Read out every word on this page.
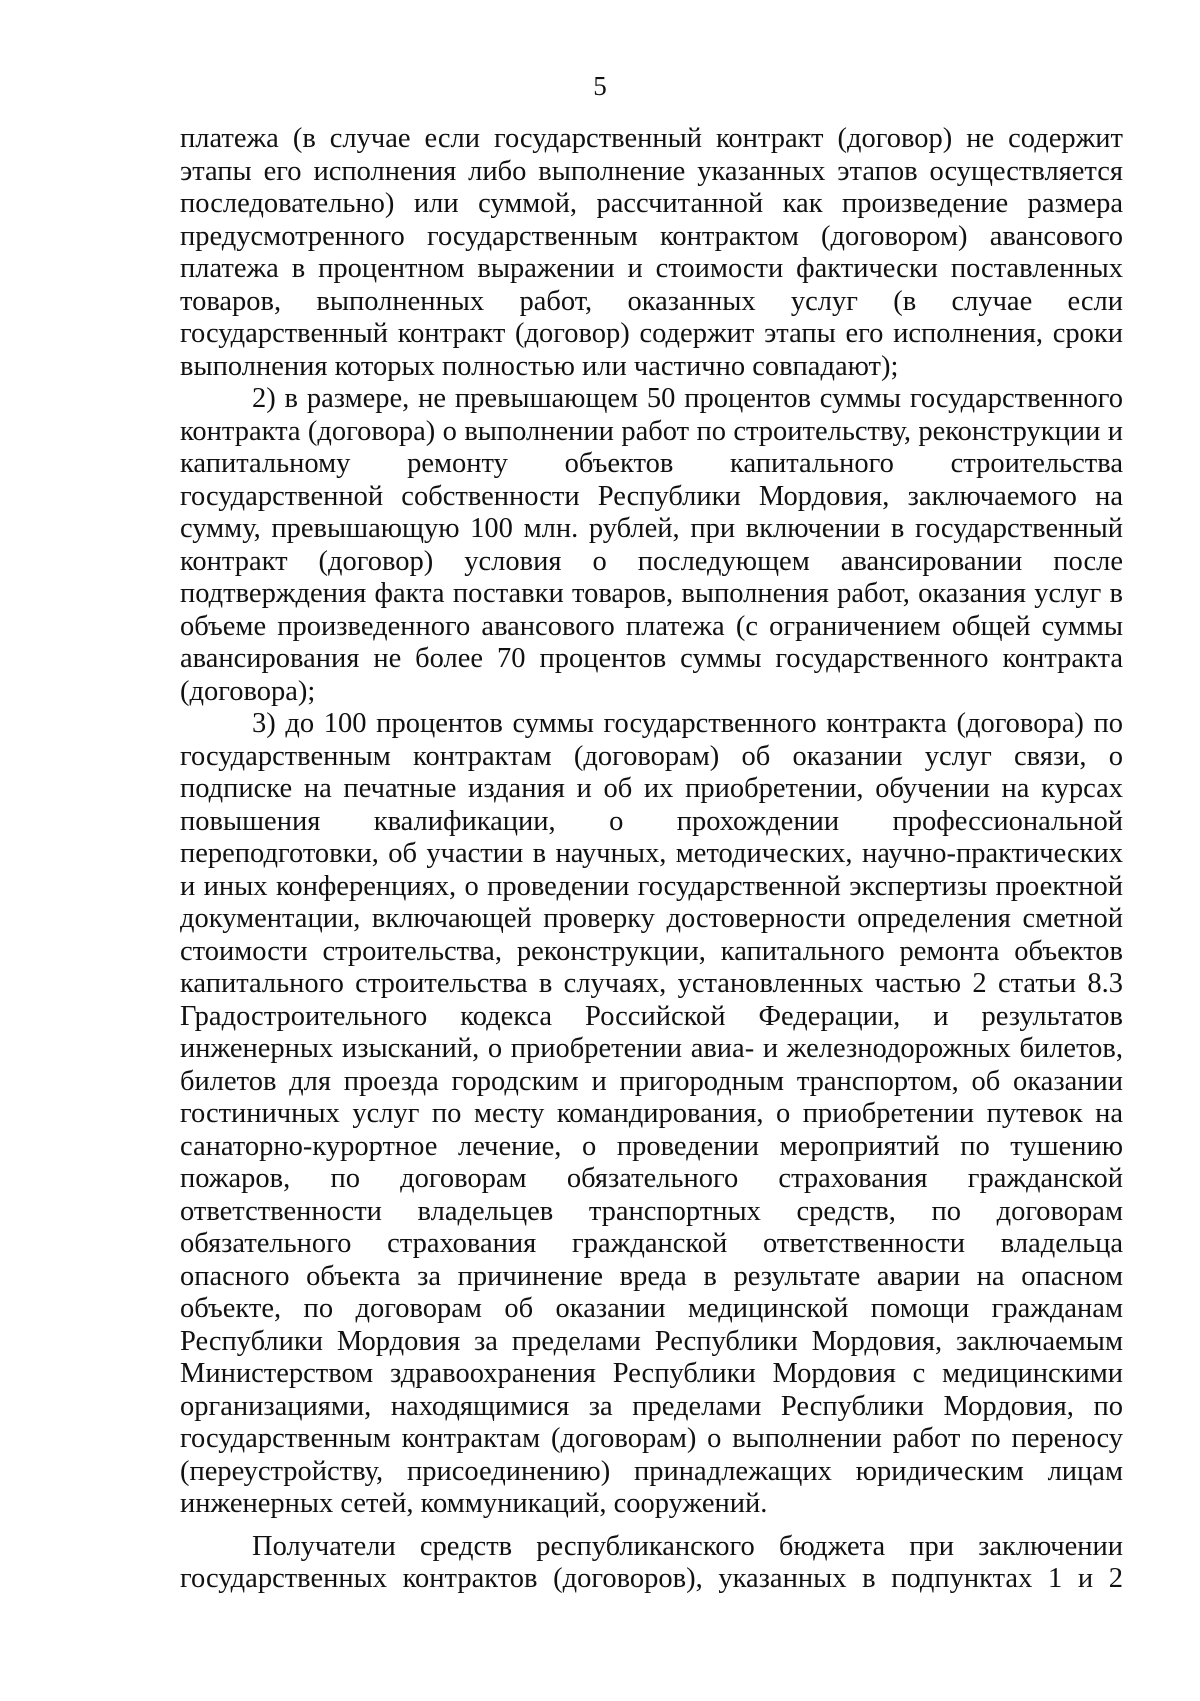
5

платежа (в случае если государственный контракт (договор) не содержит этапы его исполнения либо выполнение указанных этапов осуществляется последовательно) или суммой, рассчитанной как произведение размера предусмотренного государственным контрактом (договором) авансового платежа в процентном выражении и стоимости фактически поставленных товаров, выполненных работ, оказанных услуг (в случае если государственный контракт (договор) содержит этапы его исполнения, сроки выполнения которых полностью или частично совпадают);

2) в размере, не превышающем 50 процентов суммы государственного контракта (договора) о выполнении работ по строительству, реконструкции и капитальному ремонту объектов капитального строительства государственной собственности Республики Мордовия, заключаемого на сумму, превышающую 100 млн. рублей, при включении в государственный контракт (договор) условия о последующем авансировании после подтверждения факта поставки товаров, выполнения работ, оказания услуг в объеме произведенного авансового платежа (с ограничением общей суммы авансирования не более 70 процентов суммы государственного контракта (договора);

3) до 100 процентов суммы государственного контракта (договора) по государственным контрактам (договорам) об оказании услуг связи, о подписке на печатные издания и об их приобретении, обучении на курсах повышения квалификации, о прохождении профессиональной переподготовки, об участии в научных, методических, научно-практических и иных конференциях, о проведении государственной экспертизы проектной документации, включающей проверку достоверности определения сметной стоимости строительства, реконструкции, капитального ремонта объектов капитального строительства в случаях, установленных частью 2 статьи 8.3 Градостроительного кодекса Российской Федерации, и результатов инженерных изысканий, о приобретении авиа- и железнодорожных билетов, билетов для проезда городским и пригородным транспортом, об оказании гостиничных услуг по месту командирования, о приобретении путевок на санаторно-курортное лечение, о проведении мероприятий по тушению пожаров, по договорам обязательного страхования гражданской ответственности владельцев транспортных средств, по договорам обязательного страхования гражданской ответственности владельца опасного объекта за причинение вреда в результате аварии на опасном объекте, по договорам об оказании медицинской помощи гражданам Республики Мордовия за пределами Республики Мордовия, заключаемым Министерством здравоохранения Республики Мордовия с медицинскими организациями, находящимися за пределами Республики Мордовия, по государственным контрактам (договорам) о выполнении работ по переносу (переустройству, присоединению) принадлежащих юридическим лицам инженерных сетей, коммуникаций, сооружений.

Получатели средств республиканского бюджета при заключении государственных контрактов (договоров), указанных в подпунктах 1 и 2
